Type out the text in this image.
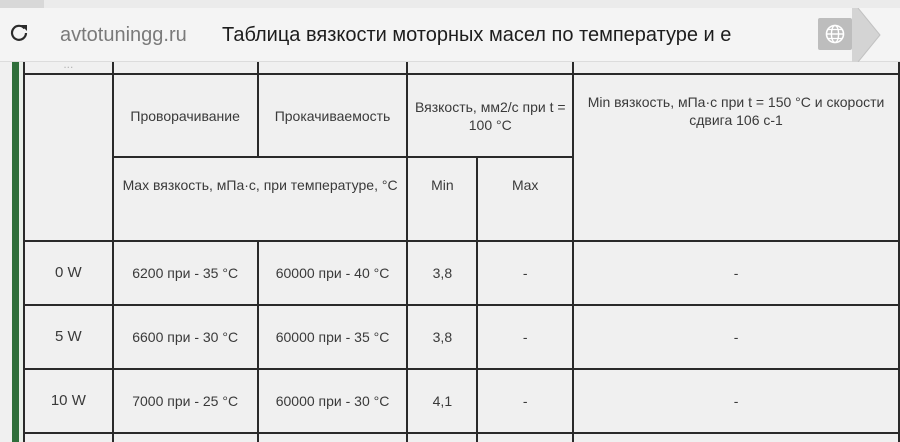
avtotuningg.ru Таблица вязкости моторных масел по температуре и е
...					
	Проворачивание	Прокачиваемость	Вязкость, мм2/с при t = 100 °С		Min вязкость, мПа·с при t = 150 °С и скорости сдвига 106 с-1
	Max вязкость, мПа·с, при температуре, °С		Min	Max	
0 W	6200 при - 35 °С	60000 при - 40 °С	3,8	-	-
5 W	6600 при - 30 °С	60000 при - 35 °С	3,8	-	-
10 W	7000 при - 25 °С	60000 при - 30 °С	4,1	-	-
